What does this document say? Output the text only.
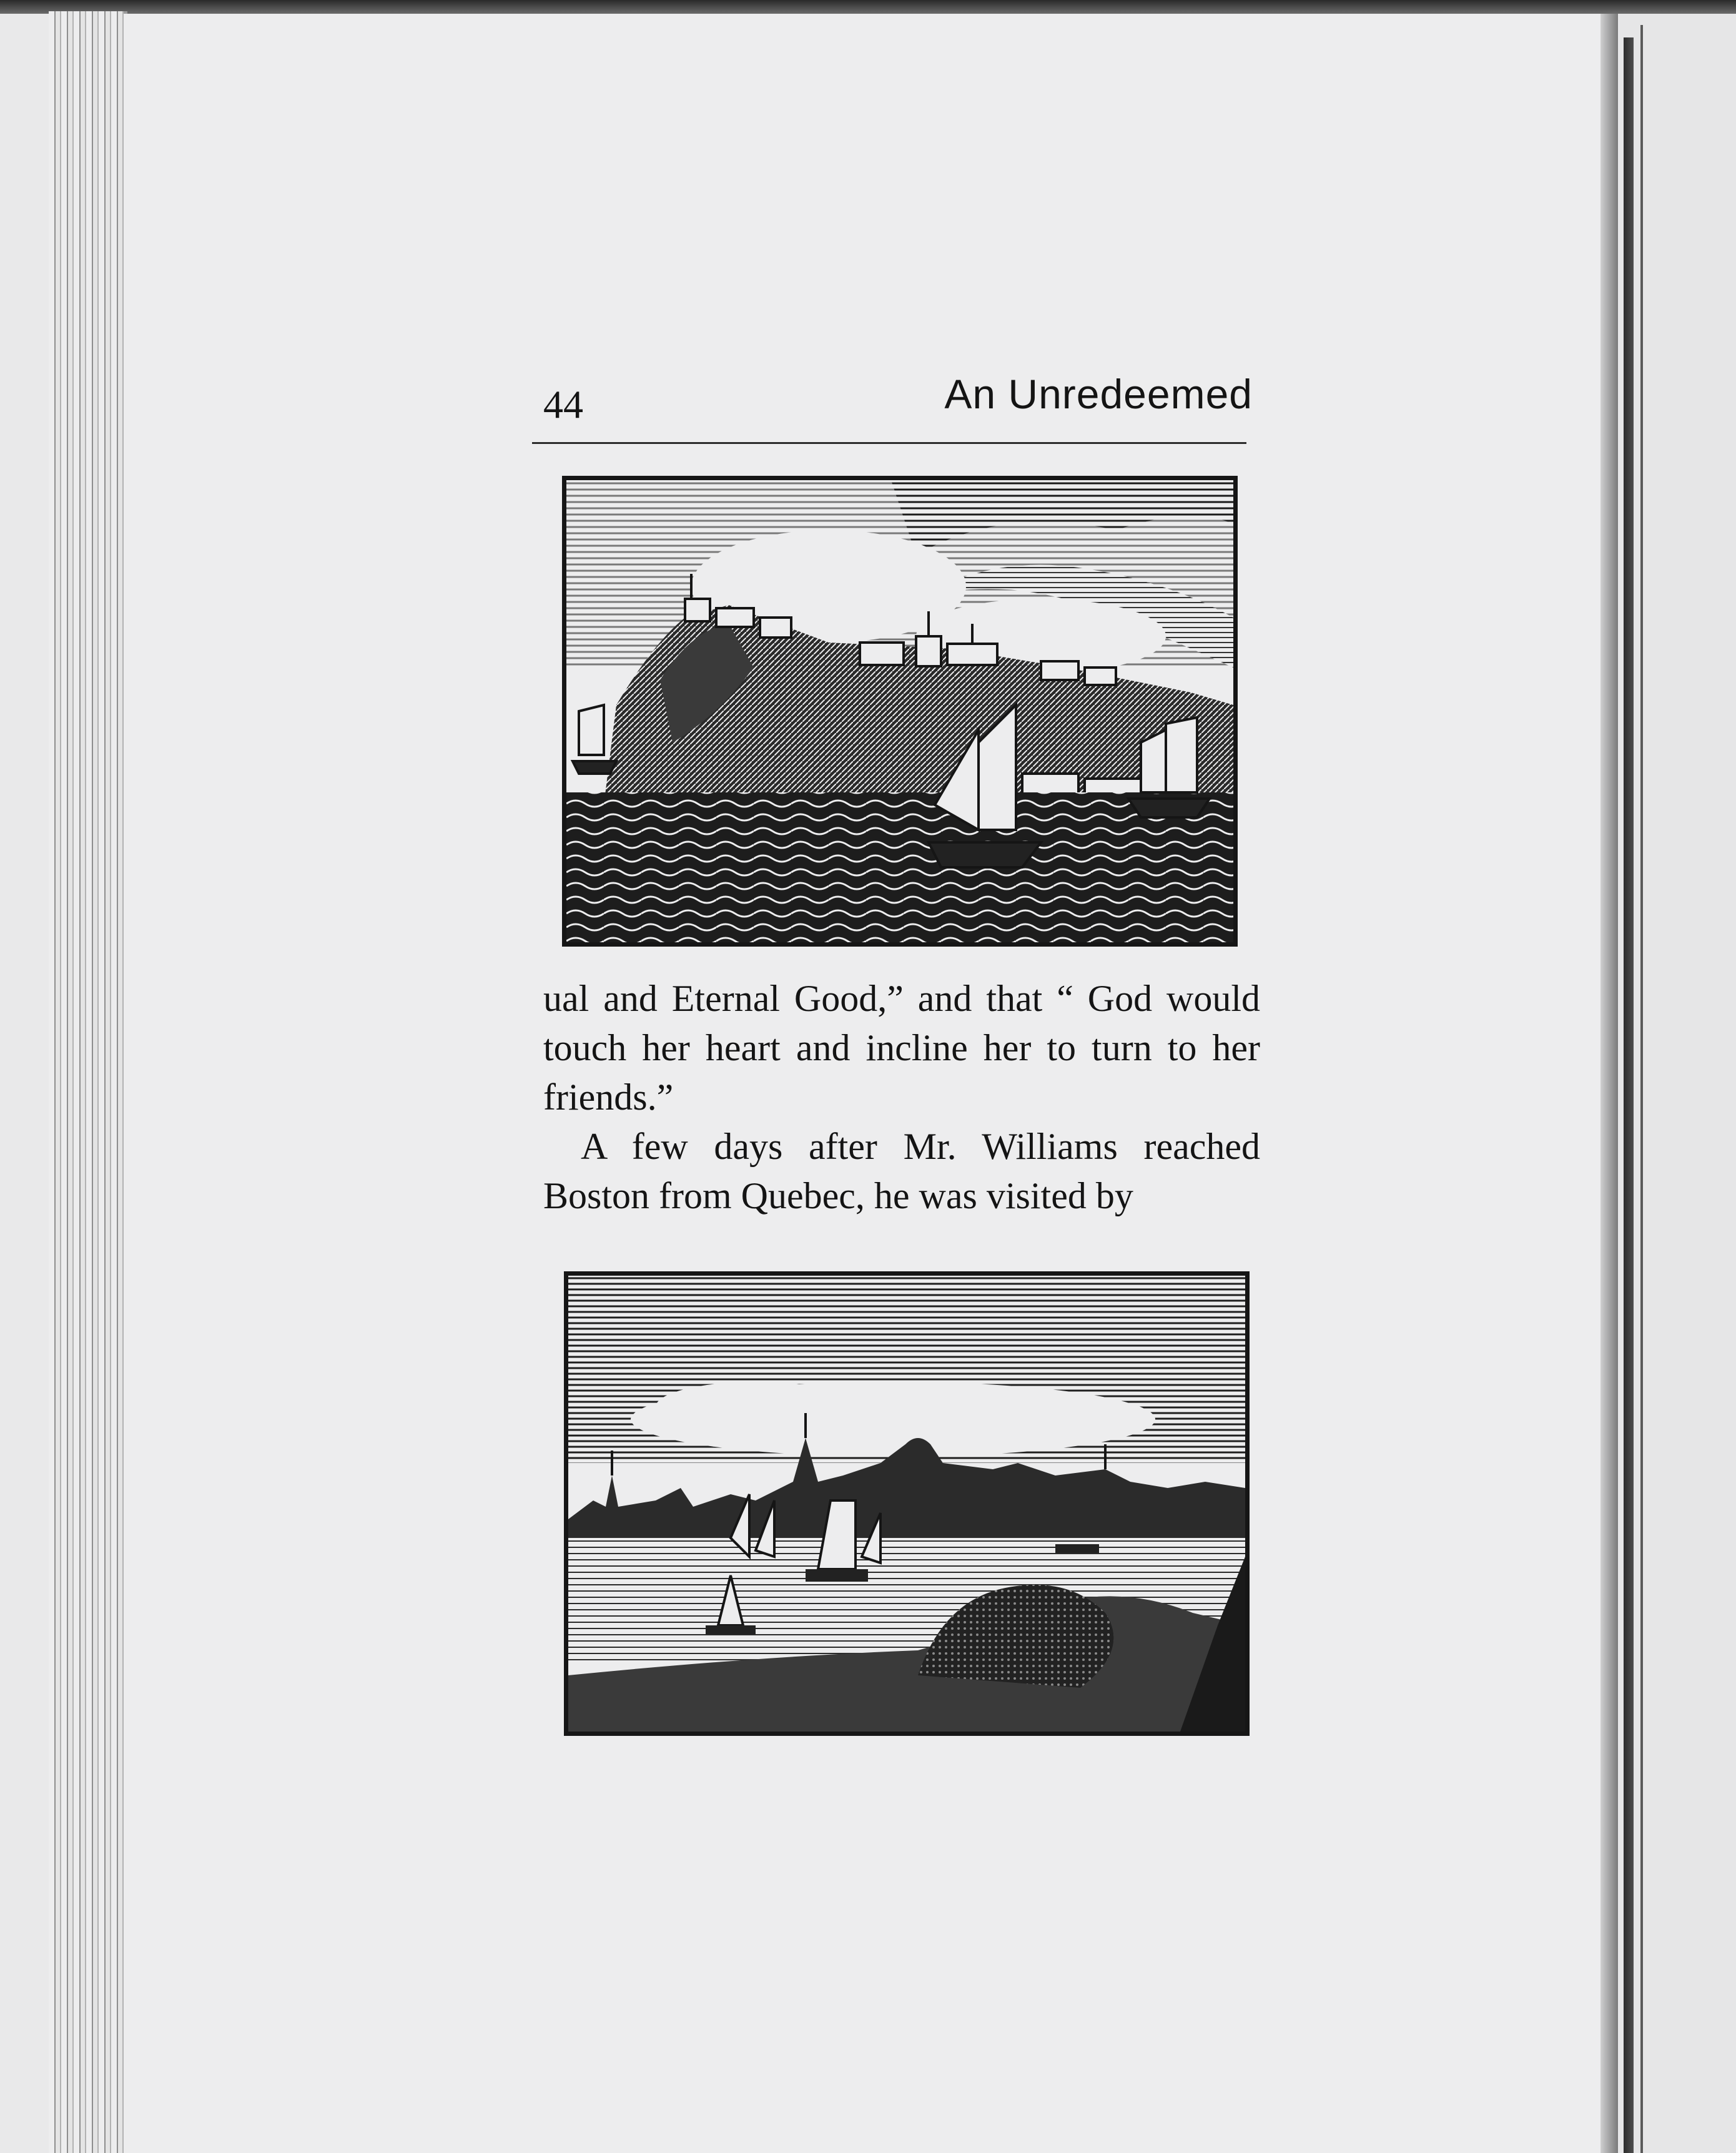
44	An Unredeemed

ual and Eternal Good,” and that “ God would touch her heart and incline her to turn to her friends.”

A few days after Mr. Williams reached Boston from Quebec, he was visited by
